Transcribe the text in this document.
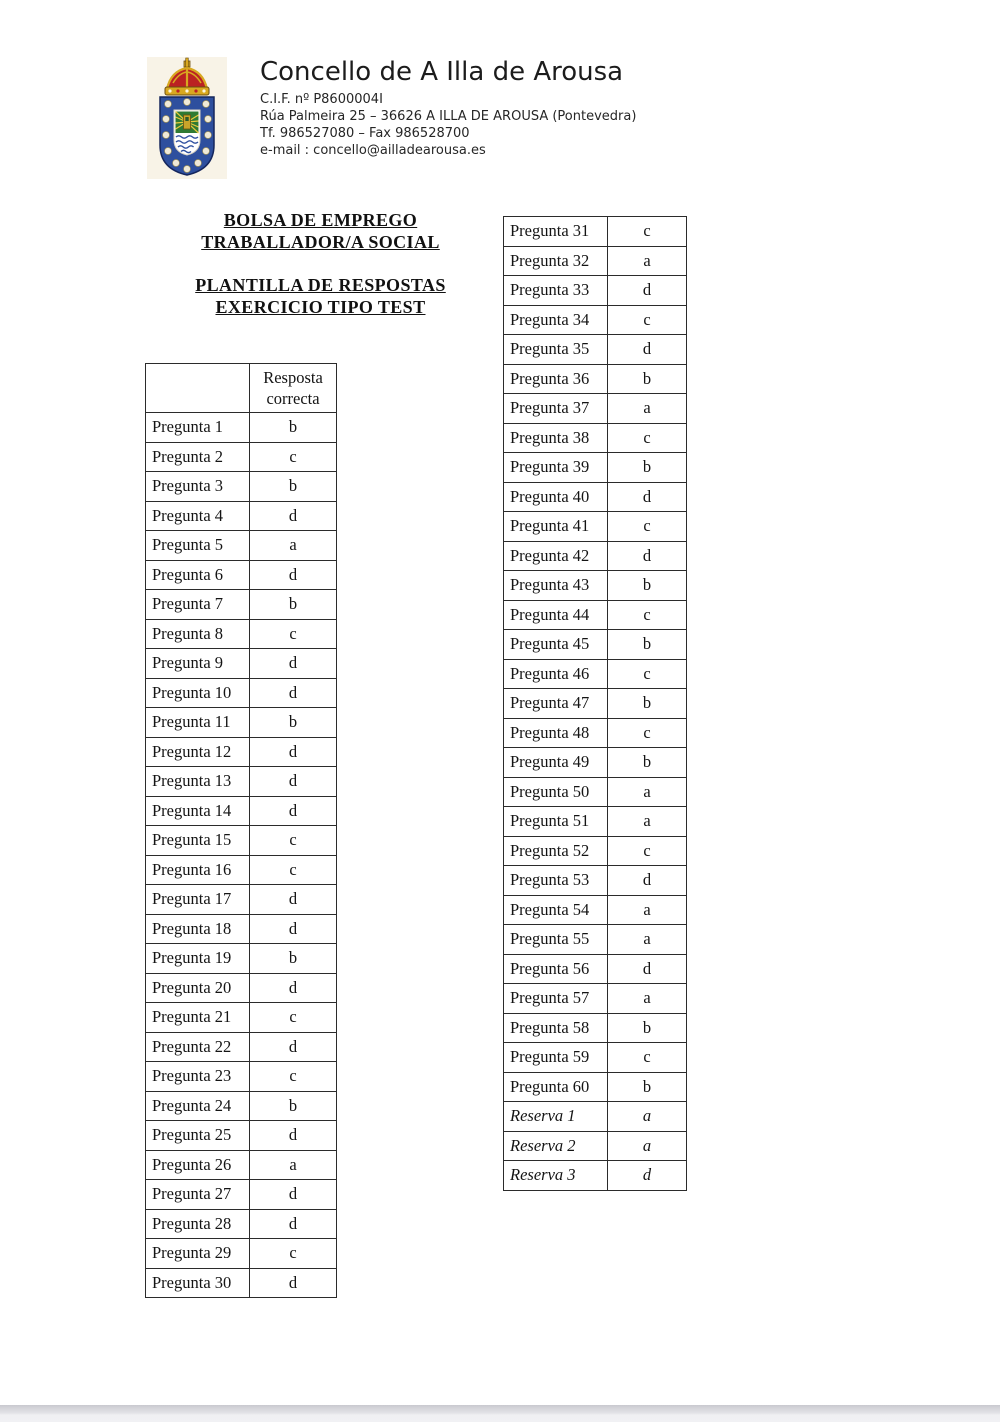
Concello de A Illa de Arousa
C.I.F. nº P8600004I
Rúa Palmeira 25 – 36626 A ILLA DE AROUSA (Pontevedra)
Tf. 986527080 – Fax 986528700
e-mail : concello@ailladearousa.es
BOLSA DE EMPREGO
TRABALLADOR/A SOCIAL
PLANTILLA DE RESPOSTAS
EXERCICIO TIPO TEST
	Resposta correcta
Pregunta 1	b
Pregunta 2	c
Pregunta 3	b
Pregunta 4	d
Pregunta 5	a
Pregunta 6	d
Pregunta 7	b
Pregunta 8	c
Pregunta 9	d
Pregunta 10	d
Pregunta 11	b
Pregunta 12	d
Pregunta 13	d
Pregunta 14	d
Pregunta 15	c
Pregunta 16	c
Pregunta 17	d
Pregunta 18	d
Pregunta 19	b
Pregunta 20	d
Pregunta 21	c
Pregunta 22	d
Pregunta 23	c
Pregunta 24	b
Pregunta 25	d
Pregunta 26	a
Pregunta 27	d
Pregunta 28	d
Pregunta 29	c
Pregunta 30	d
Pregunta 31	c
Pregunta 32	a
Pregunta 33	d
Pregunta 34	c
Pregunta 35	d
Pregunta 36	b
Pregunta 37	a
Pregunta 38	c
Pregunta 39	b
Pregunta 40	d
Pregunta 41	c
Pregunta 42	d
Pregunta 43	b
Pregunta 44	c
Pregunta 45	b
Pregunta 46	c
Pregunta 47	b
Pregunta 48	c
Pregunta 49	b
Pregunta 50	a
Pregunta 51	a
Pregunta 52	c
Pregunta 53	d
Pregunta 54	a
Pregunta 55	a
Pregunta 56	d
Pregunta 57	a
Pregunta 58	b
Pregunta 59	c
Pregunta 60	b
Reserva 1	a
Reserva 2	a
Reserva 3	d
